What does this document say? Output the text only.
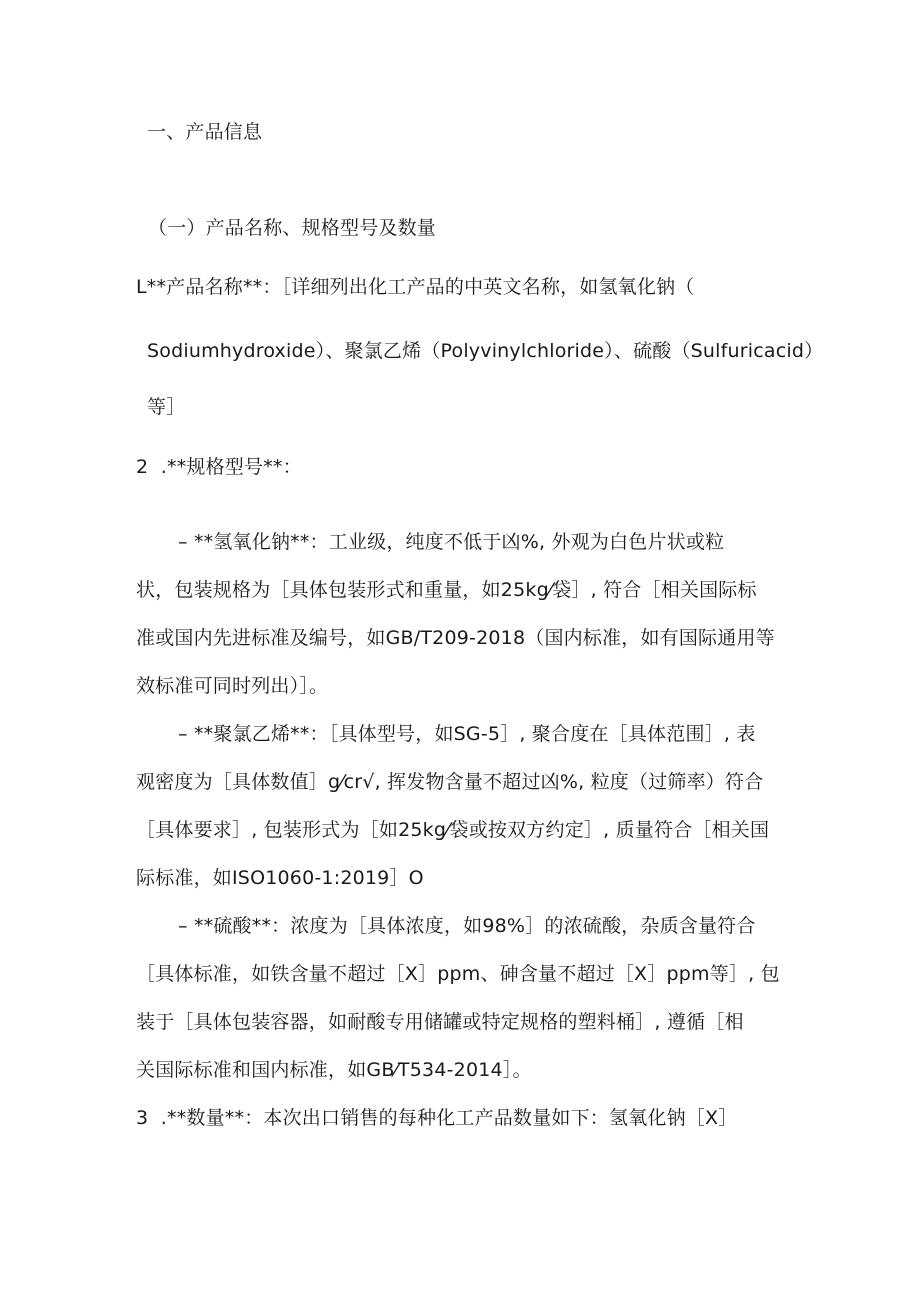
一、产品信息
（一）产品名称、规格型号及数量
L**产品名称**：［详细列出化工产品的中英文名称，如氢氧化钠（
Sodiumhydroxide）、聚氯乙烯（Polyvinylchloride）、硫酸（Sulfuricacid）
等］
2  .**规格型号**：
– **氢氧化钠**：工业级，纯度不低于凶%, 外观为白色片状或粒
状，包装规格为［具体包装形式和重量，如25kg⁄袋］, 符合［相关国际标
准或国内先进标准及编号，如GB/T209-2018（国内标准，如有国际通用等
效标准可同时列出）］。
– **聚氯乙烯**：［具体型号，如SG-5］, 聚合度在［具体范围］, 表
观密度为［具体数值］g⁄cr√, 挥发物含量不超过凶%, 粒度（过筛率）符合
［具体要求］, 包装形式为［如25kg⁄袋或按双方约定］, 质量符合［相关国
际标准，如ISO1060-1:2019］O
– **硫酸**：浓度为［具体浓度，如98%］的浓硫酸，杂质含量符合
［具体标准，如铁含量不超过［X］ppm、砷含量不超过［X］ppm等］, 包
装于［具体包装容器，如耐酸专用储罐或特定规格的塑料桶］, 遵循［相
关国际标准和国内标准，如GB⁄T534-2014］。
3  .**数量**：本次出口销售的每种化工产品数量如下：氢氧化钠［X］
